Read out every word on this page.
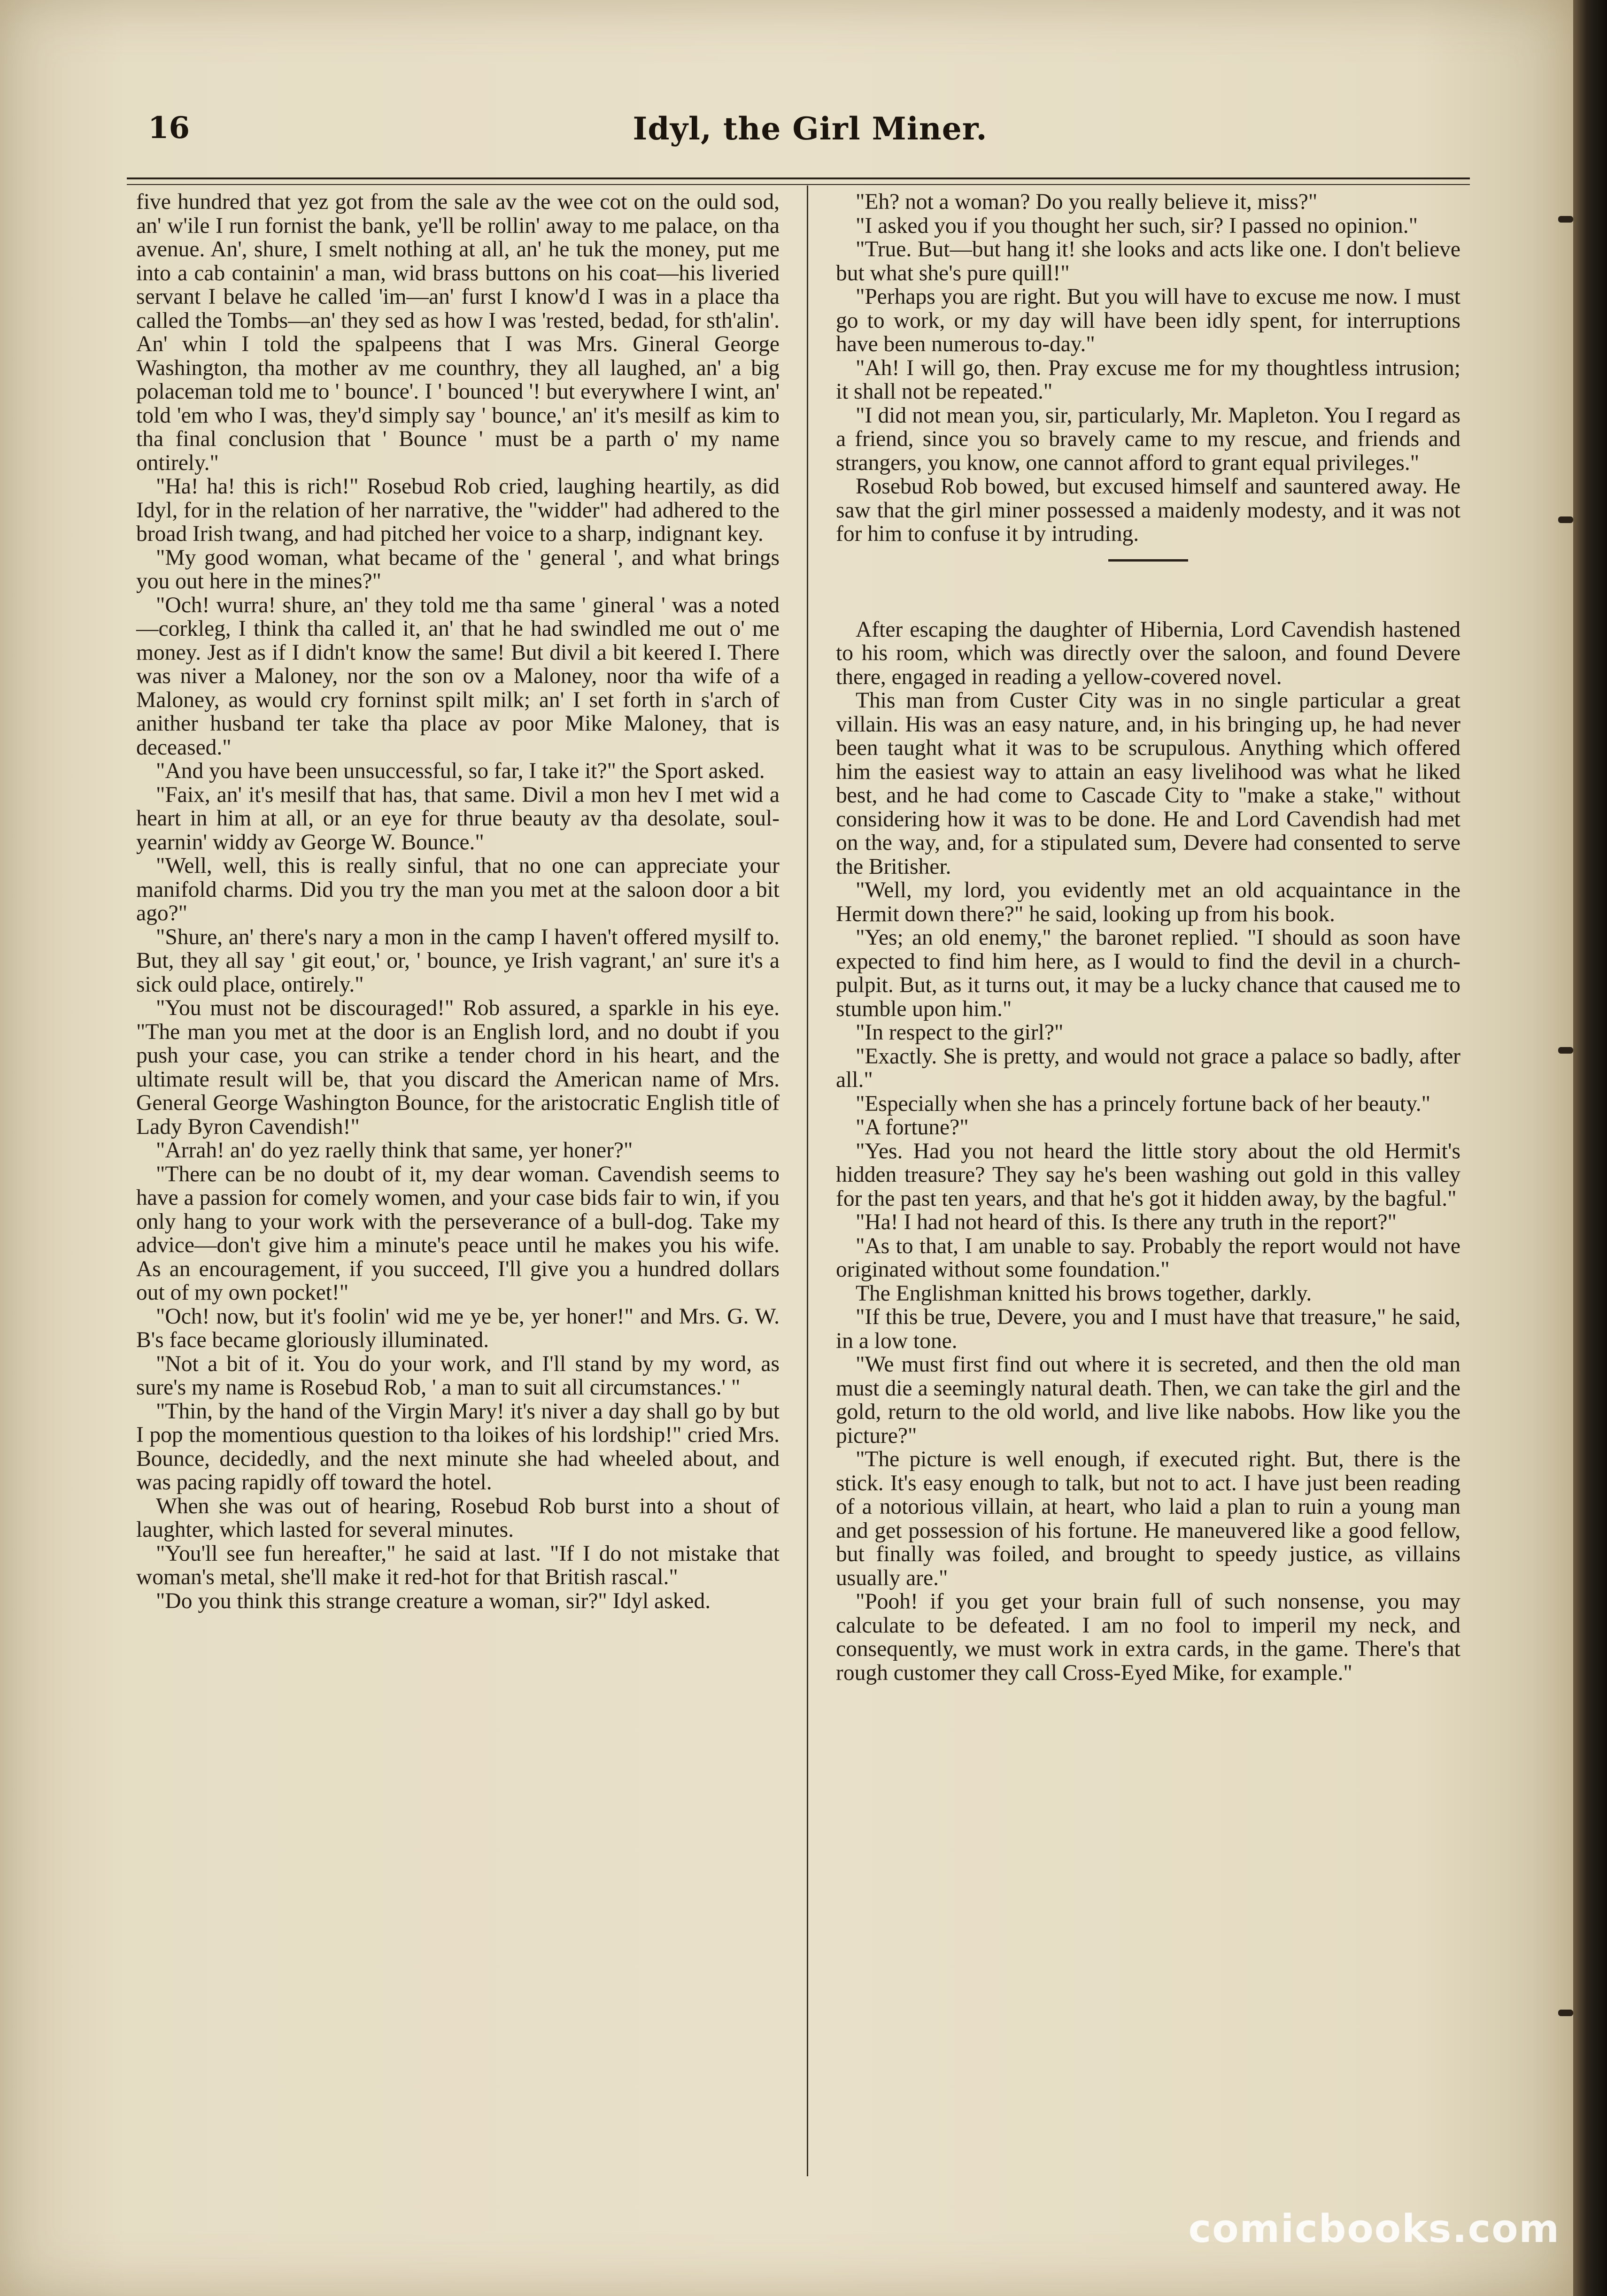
16	Idyl, the Girl Miner.

five hundred that yez got from the sale av the wee cot on the ould sod, an' w'ile I run fornist the bank, ye'll be rollin' away to me palace, on tha avenue. An', shure, I smelt nothing at all, an' he tuk the money, put me into a cab containin' a man, wid brass buttons on his coat—his liveried servant I belave he called 'im—an' furst I know'd I was in a place tha called the Tombs—an' they sed as how I was 'rested, bedad, for sth'alin'. An' whin I told the spalpeens that I was Mrs. Gineral George Washington, tha mother av me counthry, they all laughed, an' a big polaceman told me to ' bounce'. I ' bounced '! but everywhere I wint, an' told 'em who I was, they'd simply say ' bounce,' an' it's mesilf as kim to tha final conclusion that ' Bounce ' must be a parth o' my name ontirely."

"Ha! ha! this is rich!" Rosebud Rob cried, laughing heartily, as did Idyl, for in the relation of her narrative, the "widder" had adhered to the broad Irish twang, and had pitched her voice to a sharp, indignant key.

"My good woman, what became of the ' general ', and what brings you out here in the mines?"

"Och! wurra! shure, an' they told me tha same ' gineral ' was a noted—corkleg, I think tha called it, an' that he had swindled me out o' me money. Jest as if I didn't know the same! But divil a bit keered I. There was niver a Maloney, nor the son ov a Maloney, noor tha wife of a Maloney, as would cry forninst spilt milk; an' I set forth in s'arch of anither husband ter take tha place av poor Mike Maloney, that is deceased."

"And you have been unsuccessful, so far, I take it?" the Sport asked.

"Faix, an' it's mesilf that has, that same. Divil a mon hev I met wid a heart in him at all, or an eye for thrue beauty av tha desolate, soul-yearnin' widdy av George W. Bounce."

"Well, well, this is really sinful, that no one can appreciate your manifold charms. Did you try the man you met at the saloon door a bit ago?"

"Shure, an' there's nary a mon in the camp I haven't offered mysilf to. But, they all say ' git eout,' or, ' bounce, ye Irish vagrant,' an' sure it's a sick ould place, ontirely."

"You must not be discouraged!" Rob assured, a sparkle in his eye. "The man you met at the door is an English lord, and no doubt if you push your case, you can strike a tender chord in his heart, and the ultimate result will be, that you discard the American name of Mrs. General George Washington Bounce, for the aristocratic English title of Lady Byron Cavendish!"

"Arrah! an' do yez raelly think that same, yer honer?"

"There can be no doubt of it, my dear woman. Cavendish seems to have a passion for comely women, and your case bids fair to win, if you only hang to your work with the perseverance of a bull-dog. Take my advice—don't give him a minute's peace until he makes you his wife. As an encouragement, if you succeed, I'll give you a hundred dollars out of my own pocket!"

"Och! now, but it's foolin' wid me ye be, yer honer!" and Mrs. G. W. B's face became gloriously illuminated.

"Not a bit of it. You do your work, and I'll stand by my word, as sure's my name is Rosebud Rob, ' a man to suit all circumstances.' "

"Thin, by the hand of the Virgin Mary! it's niver a day shall go by but I pop the momentious question to tha loikes of his lordship!" cried Mrs. Bounce, decidedly, and the next minute she had wheeled about, and was pacing rapidly off toward the hotel.

When she was out of hearing, Rosebud Rob burst into a shout of laughter, which lasted for several minutes.

"You'll see fun hereafter," he said at last. "If I do not mistake that woman's metal, she'll make it red-hot for that British rascal."

"Do you think this strange creature a woman, sir?" Idyl asked.

"Eh? not a woman? Do you really believe it, miss?"

"I asked you if you thought her such, sir? I passed no opinion."

"True. But—but hang it! she looks and acts like one. I don't believe but what she's pure quill!"

"Perhaps you are right. But you will have to excuse me now. I must go to work, or my day will have been idly spent, for interruptions have been numerous to-day."

"Ah! I will go, then. Pray excuse me for my thoughtless intrusion; it shall not be repeated."

"I did not mean you, sir, particularly, Mr. Mapleton. You I regard as a friend, since you so bravely came to my rescue, and friends and strangers, you know, one cannot afford to grant equal privileges."

Rosebud Rob bowed, but excused himself and sauntered away. He saw that the girl miner possessed a maidenly modesty, and it was not for him to confuse it by intruding.

After escaping the daughter of Hibernia, Lord Cavendish hastened to his room, which was directly over the saloon, and found Devere there, engaged in reading a yellow-covered novel.

This man from Custer City was in no single particular a great villain. His was an easy nature, and, in his bringing up, he had never been taught what it was to be scrupulous. Anything which offered him the easiest way to attain an easy livelihood was what he liked best, and he had come to Cascade City to "make a stake," without considering how it was to be done. He and Lord Cavendish had met on the way, and, for a stipulated sum, Devere had consented to serve the Britisher.

"Well, my lord, you evidently met an old acquaintance in the Hermit down there?" he said, looking up from his book.

"Yes; an old enemy," the baronet replied. "I should as soon have expected to find him here, as I would to find the devil in a church-pulpit. But, as it turns out, it may be a lucky chance that caused me to stumble upon him."

"In respect to the girl?"

"Exactly. She is pretty, and would not grace a palace so badly, after all."

"Especially when she has a princely fortune back of her beauty."

"A fortune?"

"Yes. Had you not heard the little story about the old Hermit's hidden treasure? They say he's been washing out gold in this valley for the past ten years, and that he's got it hidden away, by the bagful."

"Ha! I had not heard of this. Is there any truth in the report?"

"As to that, I am unable to say. Probably the report would not have originated without some foundation."

The Englishman knitted his brows together, darkly.

"If this be true, Devere, you and I must have that treasure," he said, in a low tone.

"We must first find out where it is secreted, and then the old man must die a seemingly natural death. Then, we can take the girl and the gold, return to the old world, and live like nabobs. How like you the picture?"

"The picture is well enough, if executed right. But, there is the stick. It's easy enough to talk, but not to act. I have just been reading of a notorious villain, at heart, who laid a plan to ruin a young man and get possession of his fortune. He maneuvered like a good fellow, but finally was foiled, and brought to speedy justice, as villains usually are."

"Pooh! if you get your brain full of such nonsense, you may calculate to be defeated. I am no fool to imperil my neck, and consequently, we must work in extra cards, in the game. There's that rough customer they call Cross-Eyed Mike, for example."

comicbooks.com
